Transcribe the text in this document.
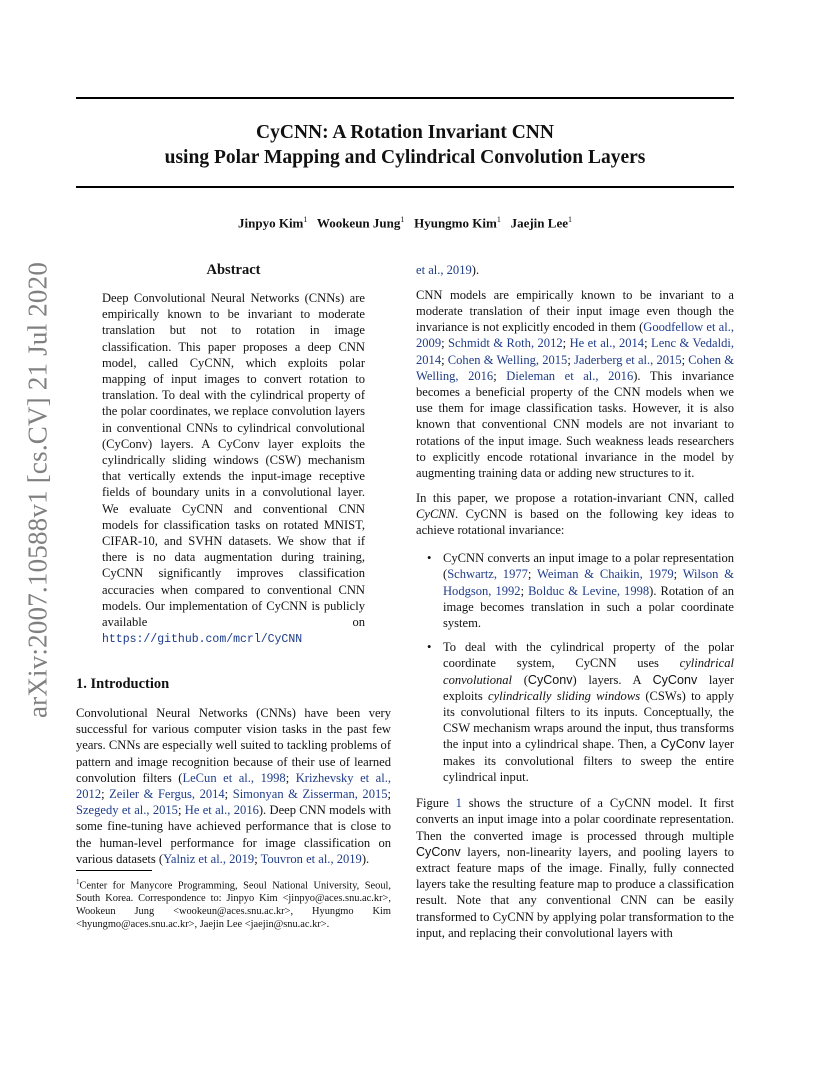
arXiv:2007.10588v1 [cs.CV] 21 Jul 2020
CyCNN: A Rotation Invariant CNN
using Polar Mapping and Cylindrical Convolution Layers
Jinpyo Kim$^1$ Wookeun Jung$^1$ Hyungmo Kim$^1$ Jaejin Lee$^1$
Abstract

Deep Convolutional Neural Networks (CNNs) are empirically known to be invariant to moderate translation but not to rotation in image classification. This paper proposes a deep CNN model, called CyCNN, which exploits polar mapping of input images to convert rotation to translation. To deal with the cylindrical property of the polar coordinates, we replace convolution layers in conventional CNNs to cylindrical convolutional (CyConv) layers. A CyConv layer exploits the cylindrically sliding windows (CSW) mechanism that vertically extends the input-image receptive fields of boundary units in a convolutional layer. We evaluate CyCNN and conventional CNN models for classification tasks on rotated MNIST, CIFAR-10, and SVHN datasets. We show that if there is no data augmentation during training, CyCNN significantly improves classification accuracies when compared to conventional CNN models. Our implementation of CyCNN is publicly available on https://github.com/mcrl/CyCNN

1. Introduction

Convolutional Neural Networks (CNNs) have been very successful for various computer vision tasks in the past few years. CNNs are especially well suited to tackling problems of pattern and image recognition because of their use of learned convolution filters (LeCun et al., 1998; Krizhevsky et al., 2012; Zeiler & Fergus, 2014; Simonyan & Zisserman, 2015; Szegedy et al., 2015; He et al., 2016). Deep CNN models with some fine-tuning have achieved performance that is close to the human-level performance for image classification on various datasets (Yalniz et al., 2019; Touvron et al., 2019).

$^1$Center for Manycore Programming, Seoul National University, Seoul, South Korea. Correspondence to: Jinpyo Kim <jinpyo@aces.snu.ac.kr>, Wookeun Jung <wookeun@aces.snu.ac.kr>, Hyungmo Kim <hyungmo@aces.snu.ac.kr>, Jaejin Lee <jaejin@snu.ac.kr>.

et al., 2019).

CNN models are empirically known to be invariant to a moderate translation of their input image even though the invariance is not explicitly encoded in them (Goodfellow et al., 2009; Schmidt & Roth, 2012; He et al., 2014; Lenc & Vedaldi, 2014; Cohen & Welling, 2015; Jaderberg et al., 2015; Cohen & Welling, 2016; Dieleman et al., 2016). This invariance becomes a beneficial property of the CNN models when we use them for image classification tasks. However, it is also known that conventional CNN models are not invariant to rotations of the input image. Such weakness leads researchers to explicitly encode rotational invariance in the model by augmenting training data or adding new structures to it.

In this paper, we propose a rotation-invariant CNN, called CyCNN. CyCNN is based on the following key ideas to achieve rotational invariance:

• CyCNN converts an input image to a polar representation (Schwartz, 1977; Weiman & Chaikin, 1979; Wilson & Hodgson, 1992; Bolduc & Levine, 1998). Rotation of an image becomes translation in such a polar coordinate system.
• To deal with the cylindrical property of the polar coordinate system, CyCNN uses cylindrical convolutional (CyConv) layers. A CyConv layer exploits cylindrically sliding windows (CSWs) to apply its convolutional filters to its inputs. Conceptually, the CSW mechanism wraps around the input, thus transforms the input into a cylindrical shape. Then, a CyConv layer makes its convolutional filters to sweep the entire cylindrical input.

Figure 1 shows the structure of a CyCNN model. It first converts an input image into a polar coordinate representation. Then the converted image is processed through multiple CyConv layers, non-linearity layers, and pooling layers to extract feature maps of the image. Finally, fully connected layers take the resulting feature map to produce a classification result. Note that any conventional CNN can be easily transformed to CyCNN by applying polar transformation to the input, and replacing their convolutional layers with
